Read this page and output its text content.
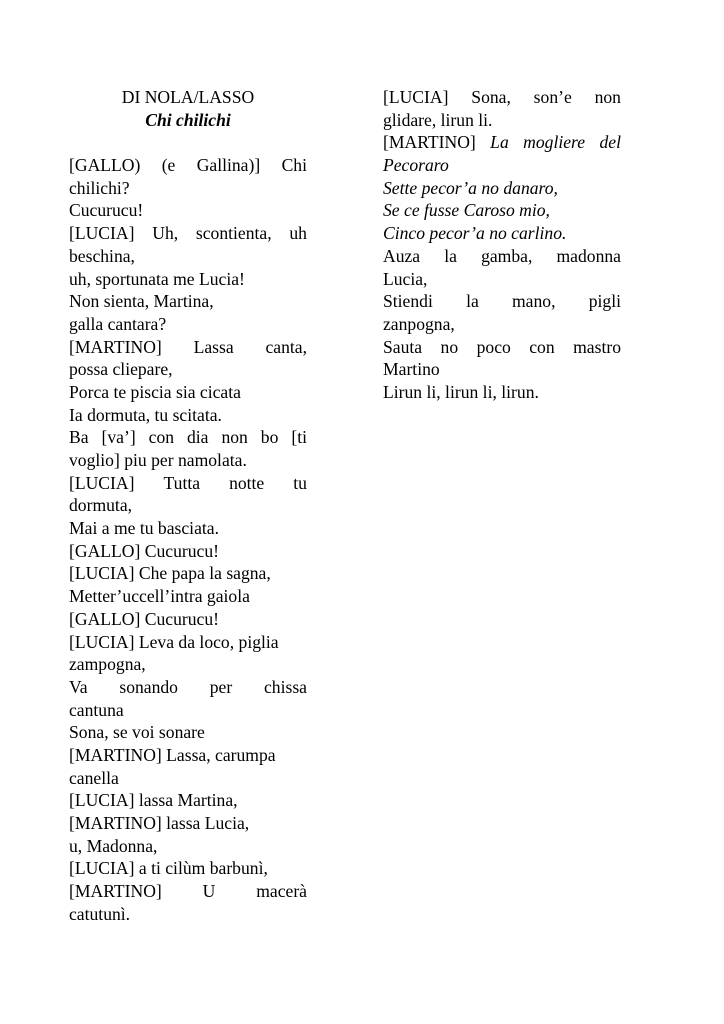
DI NOLA/LASSO
Chi chilichi
[GALLO) (e Gallina)] Chi
chilichi?
Cucurucu!
[LUCIA] Uh, scontienta, uh
beschina,
uh, sportunata me Lucia!
Non sienta, Martina,
galla cantara?
[MARTINO] Lassa canta,
possa cliepare,
Porca te piscia sia cicata
Ia dormuta, tu scitata.
Ba [va’] con dia non bo [ti
voglio] piu per namolata.
[LUCIA] Tutta notte tu
dormuta,
Mai a me tu basciata.
[GALLO] Cucurucu!
[LUCIA] Che papa la sagna,
Metter’uccell’intra gaiola
[GALLO] Cucurucu!
[LUCIA] Leva da loco, piglia
zampogna,
Va sonando per chissa
cantuna
Sona, se voi sonare
[MARTINO] Lassa, carumpa
canella
[LUCIA] lassa Martina,
[MARTINO] lassa Lucia,
u, Madonna,
[LUCIA] a ti cilùm barbunì,
[MARTINO] U macerà
catutunì.
[LUCIA] Sona, son’e non
glidare, lirun li.
[MARTINO] La mogliere del
Pecoraro
Sette pecor’a no danaro,
Se ce fusse Caroso mio,
Cinco pecor’a no carlino.
Auza la gamba, madonna
Lucia,
Stiendi la mano, pigli
zanpogna,
Sauta no poco con mastro
Martino
Lirun li, lirun li, lirun.
